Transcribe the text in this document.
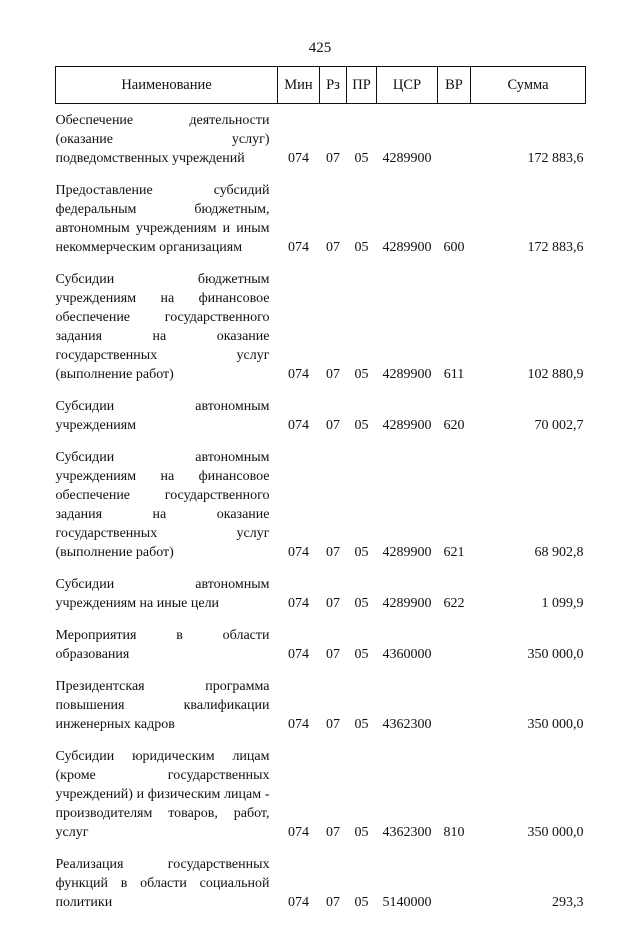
425
Наименование	Мин	Рз	ПР	ЦСР	ВР	Сумма
Обеспечение деятельности (оказание услуг) подведомственных учреждений	074	07	05	4289900		172 883,6
Предоставление субсидий федеральным бюджетным, автономным учреждениям и иным некоммерческим организациям	074	07	05	4289900	600	172 883,6
Субсидии бюджетным учреждениям на финансовое обеспечение государственного задания на оказание государственных услуг (выполнение работ)	074	07	05	4289900	611	102 880,9
Субсидии автономным учреждениям	074	07	05	4289900	620	70 002,7
Субсидии автономным учреждениям на финансовое обеспечение государственного задания на оказание государственных услуг (выполнение работ)	074	07	05	4289900	621	68 902,8
Субсидии автономным учреждениям на иные цели	074	07	05	4289900	622	1 099,9
Мероприятия в области образования	074	07	05	4360000		350 000,0
Президентская программа повышения квалификации инженерных кадров	074	07	05	4362300		350 000,0
Субсидии юридическим лицам (кроме государственных учреждений) и физическим лицам - производителям товаров, работ, услуг	074	07	05	4362300	810	350 000,0
Реализация государственных функций в области социальной политики	074	07	05	5140000		293,3
